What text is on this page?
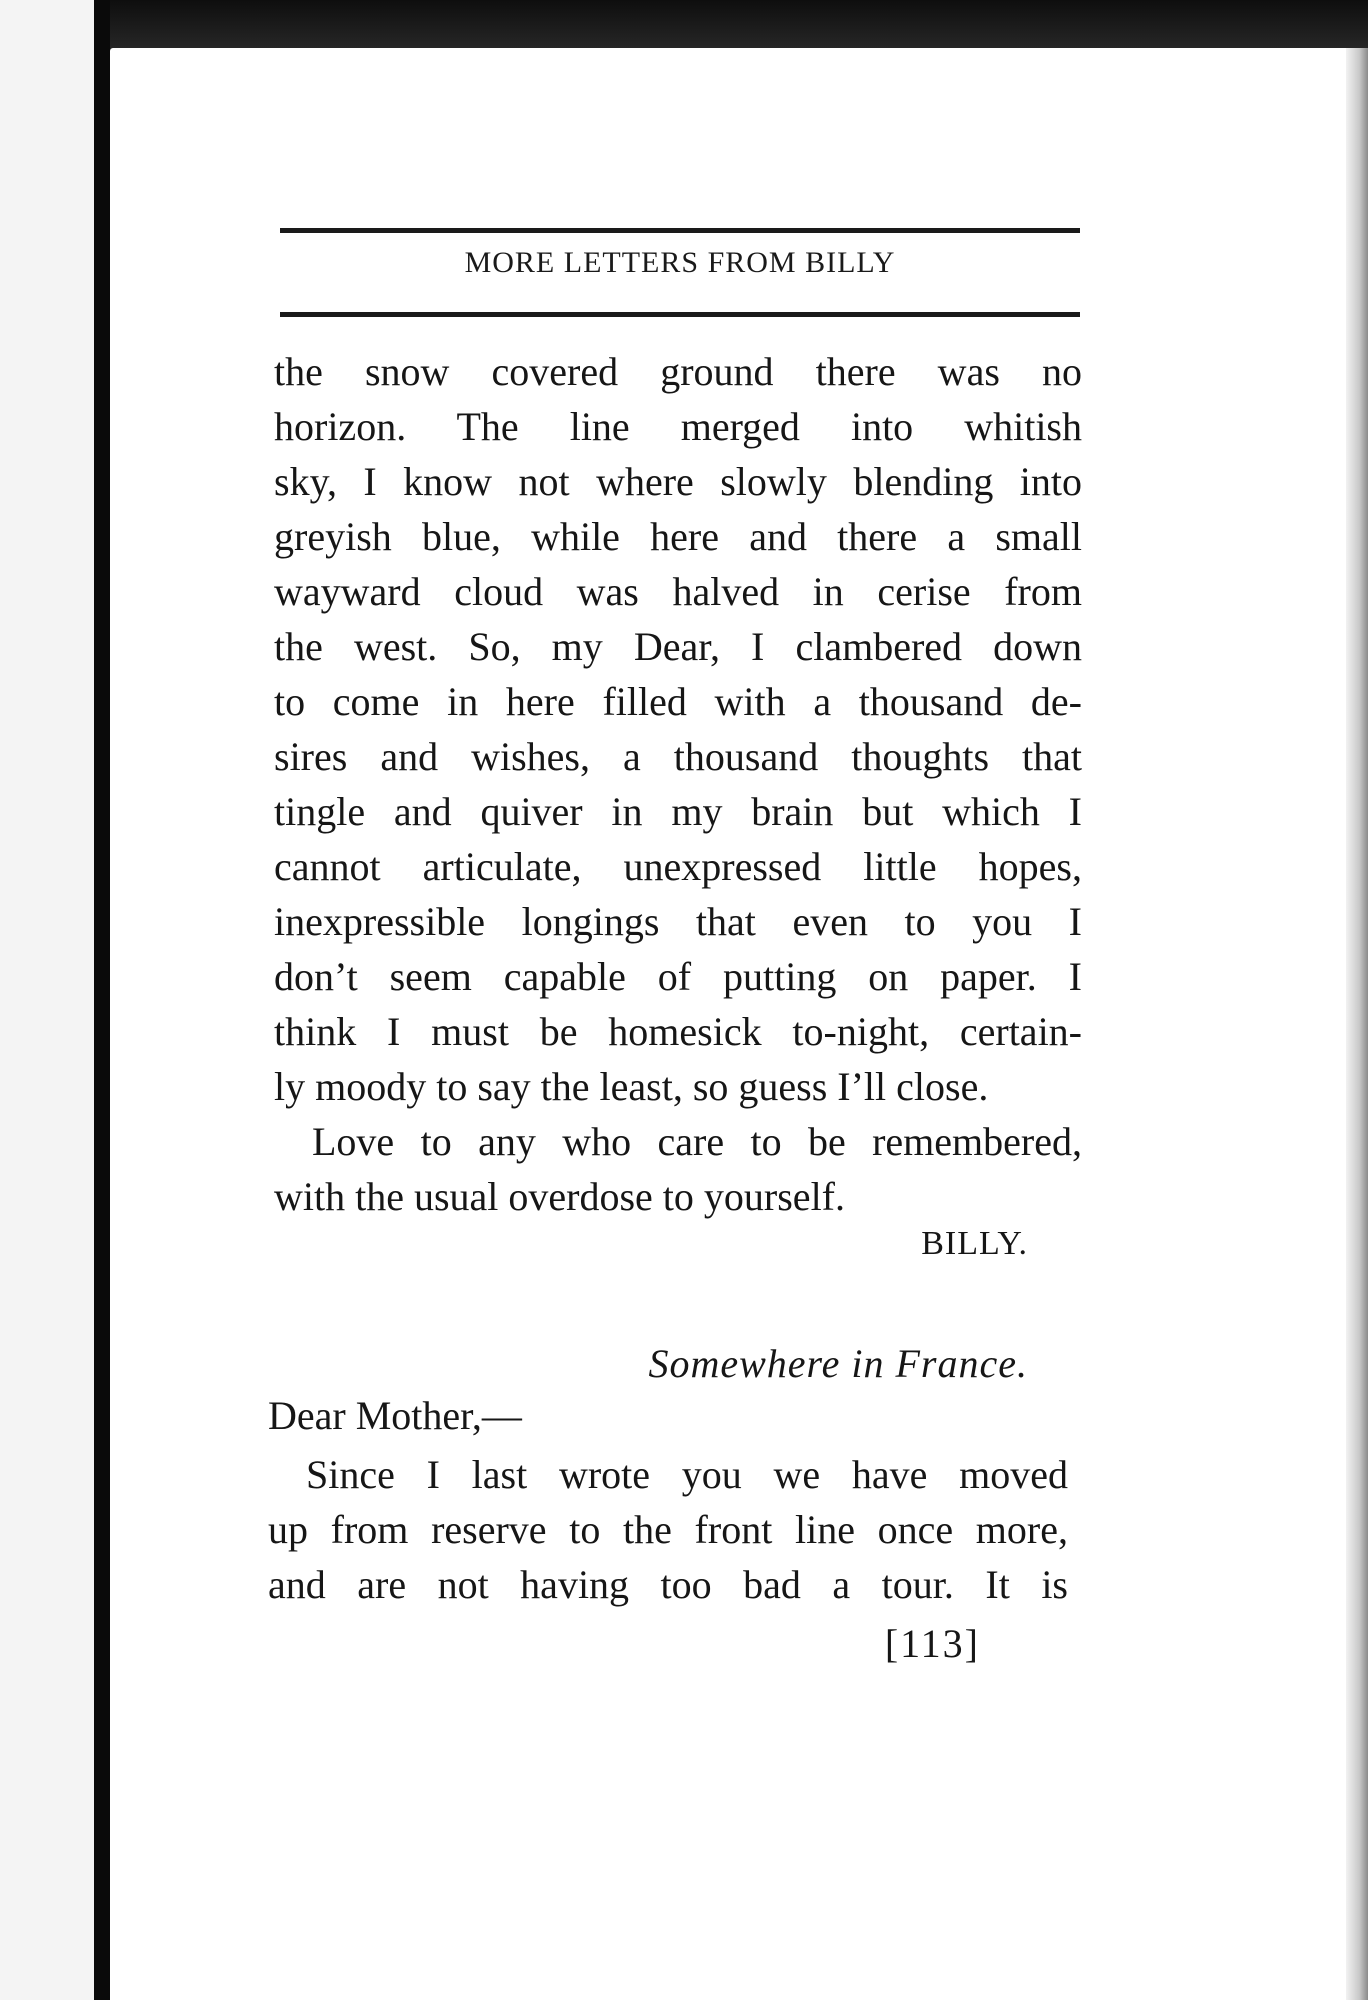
MORE LETTERS FROM BILLY
the snow covered ground there was no
horizon. The line merged into whitish
sky, I know not where slowly blending into
greyish blue, while here and there a small
wayward cloud was halved in cerise from
the west. So, my Dear, I clambered down
to come in here filled with a thousand de-
sires and wishes, a thousand thoughts that
tingle and quiver in my brain but which I
cannot articulate, unexpressed little hopes,
inexpressible longings that even to you I
don’t seem capable of putting on paper. I
think I must be homesick to-night, certain-
ly moody to say the least, so guess I’ll close.
Love to any who care to be remembered,
with the usual overdose to yourself.
BILLY.
Somewhere in France.
Dear Mother,—
Since I last wrote you we have moved
up from reserve to the front line once more,
and are not having too bad a tour. It is
[113]
